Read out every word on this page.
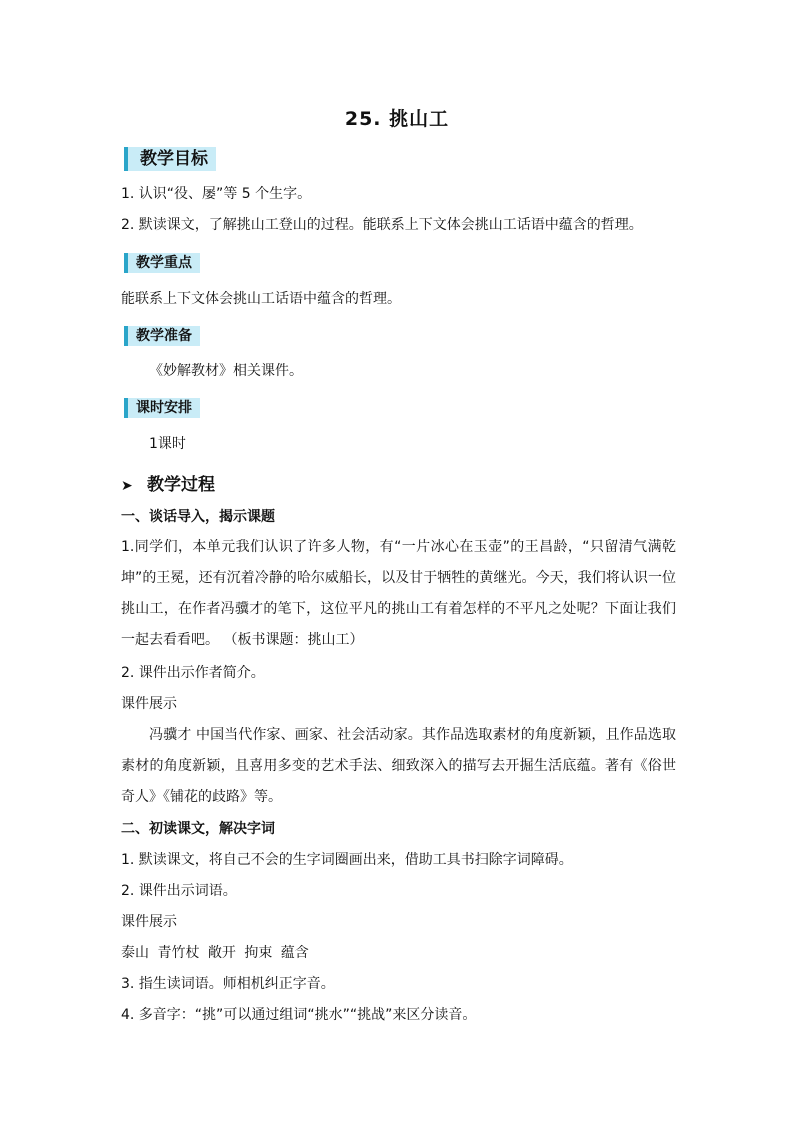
25. 挑山工
教学目标
1. 认识“役、屡”等 5 个生字。
2. 默读课文，了解挑山工登山的过程。能联系上下文体会挑山工话语中蕴含的哲理。
教学重点
能联系上下文体会挑山工话语中蕴含的哲理。
教学准备
《妙解教材》相关课件。
课时安排
1课时
➤ 教学过程
一、谈话导入，揭示课题
1.同学们，本单元我们认识了许多人物，有“一片冰心在玉壶”的王昌龄，“只留清气满乾坤”的王冕，还有沉着冷静的哈尔威船长，以及甘于牺牲的黄继光。今天，我们将认识一位挑山工，在作者冯骥才的笔下，这位平凡的挑山工有着怎样的不平凡之处呢？下面让我们一起去看看吧。 （板书课题：挑山工）
2. 课件出示作者简介。
课件展示
冯骥才 中国当代作家、画家、社会活动家。其作品选取素材的角度新颖，且作品选取素材的角度新颖，且喜用多变的艺术手法、细致深入的描写去开掘生活底蕴。著有《俗世奇人》《铺花的歧路》等。
二、初读课文，解决字词
1. 默读课文，将自己不会的生字词圈画出来，借助工具书扫除字词障碍。
2. 课件出示词语。
课件展示
泰山 青竹杖 敞开 拘束 蕴含
3. 指生读词语。师相机纠正字音。
4. 多音字：“挑”可以通过组词“挑水”“挑战”来区分读音。
